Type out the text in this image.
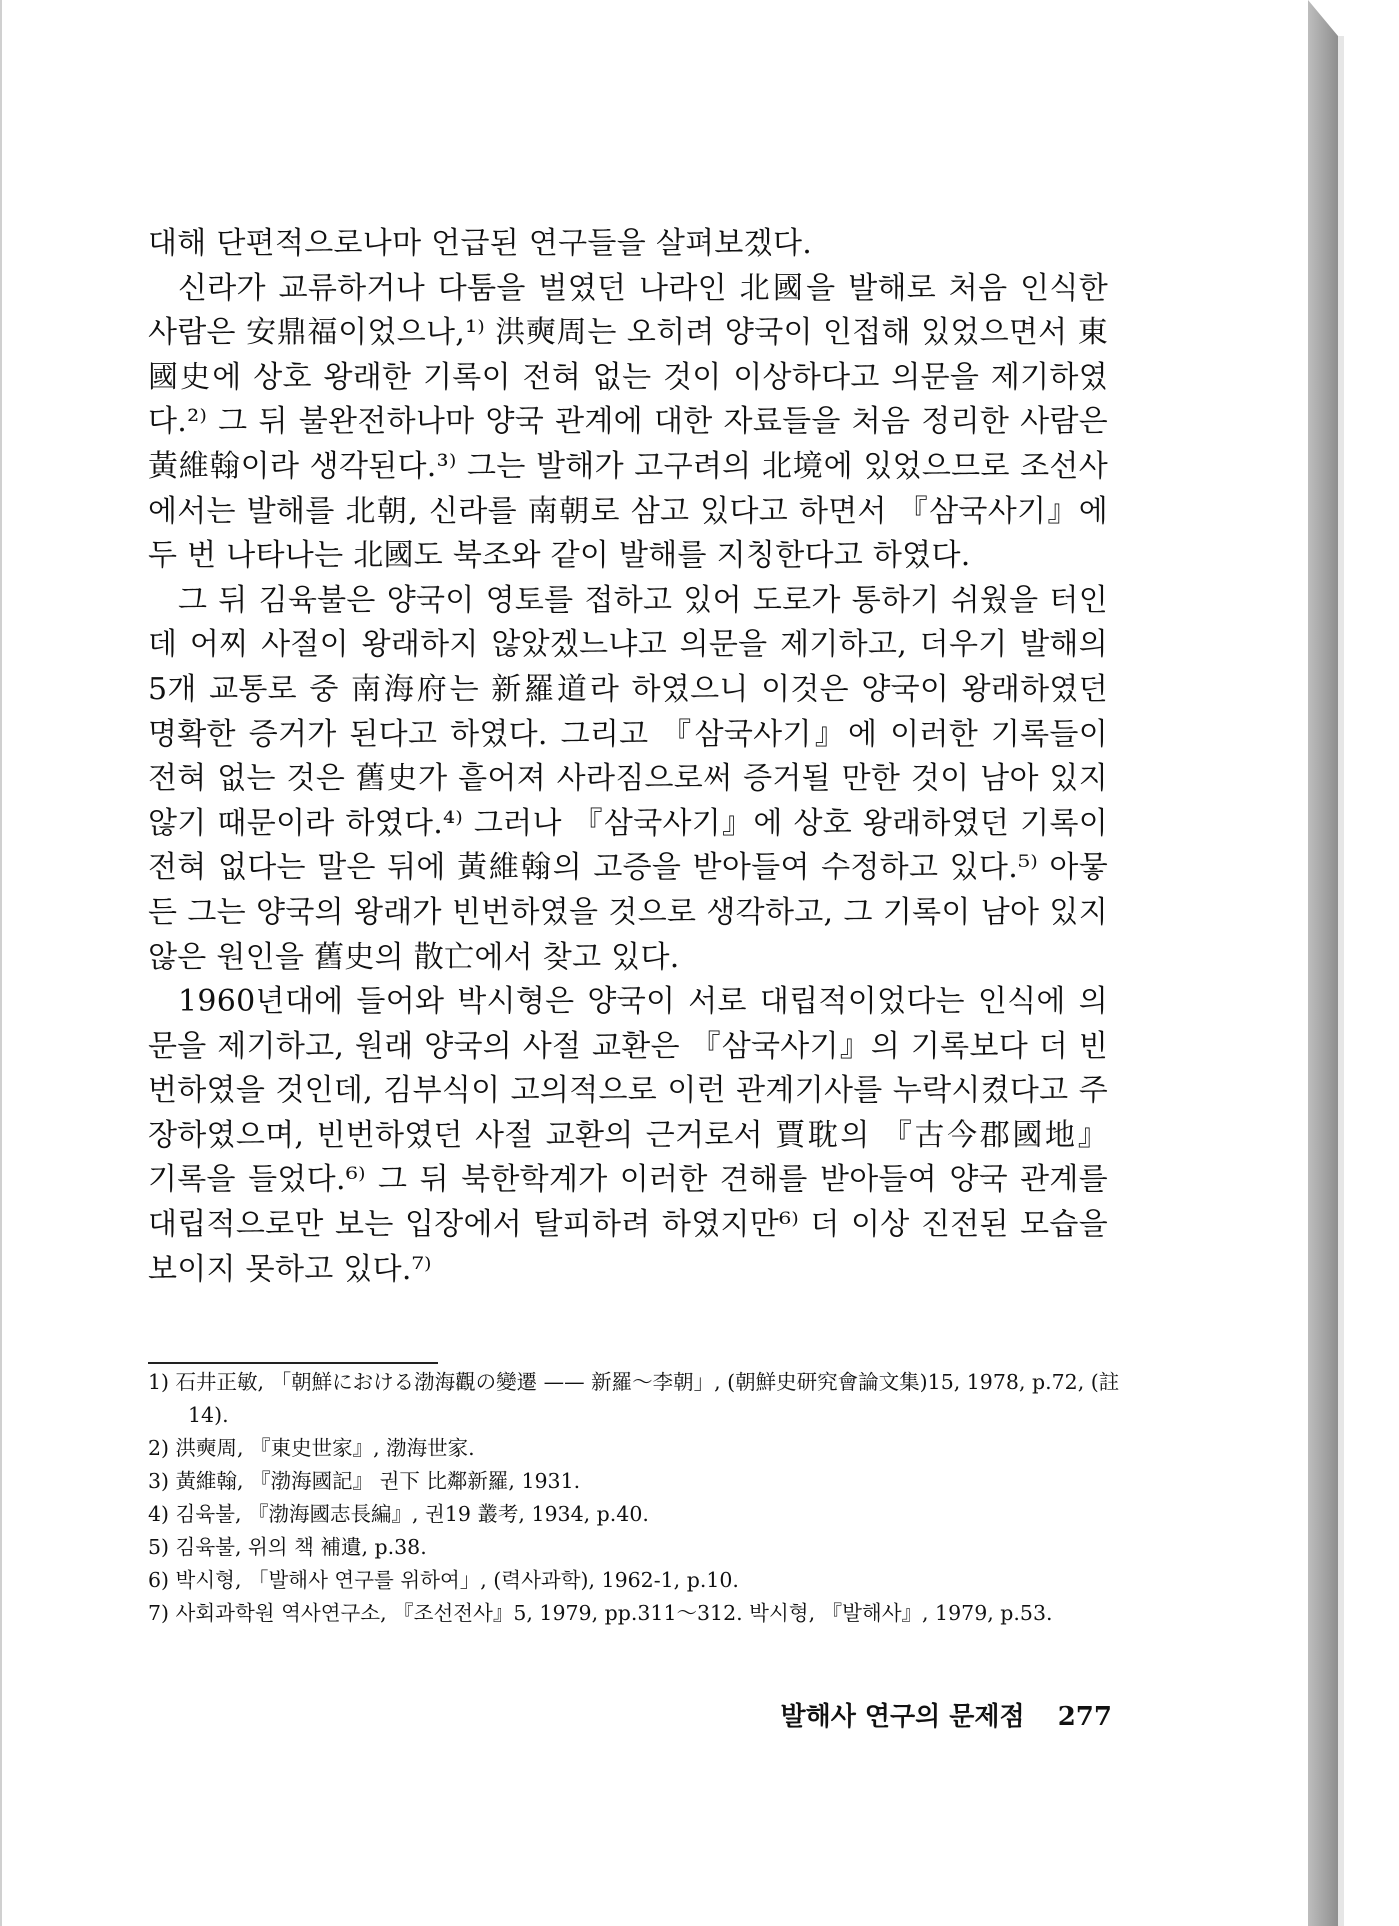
대해 단편적으로나마 언급된 연구들을 살펴보겠다.

신라가 교류하거나 다툼을 벌였던 나라인 北國을 발해로 처음 인식한 사람은 安鼎福이었으나,¹⁾ 洪奭周는 오히려 양국이 인접해 있었으면서 東國史에 상호 왕래한 기록이 전혀 없는 것이 이상하다고 의문을 제기하였다.²⁾ 그 뒤 불완전하나마 양국 관계에 대한 자료들을 처음 정리한 사람은 黃維翰이라 생각된다.³⁾ 그는 발해가 고구려의 北境에 있었으므로 조선사에서는 발해를 北朝, 신라를 南朝로 삼고 있다고 하면서 『삼국사기』에 두 번 나타나는 北國도 북조와 같이 발해를 지칭한다고 하였다.

그 뒤 김육불은 양국이 영토를 접하고 있어 도로가 통하기 쉬웠을 터인데 어찌 사절이 왕래하지 않았겠느냐고 의문을 제기하고, 더우기 발해의 5개 교통로 중 南海府는 新羅道라 하였으니 이것은 양국이 왕래하였던 명확한 증거가 된다고 하였다. 그리고 『삼국사기』에 이러한 기록들이 전혀 없는 것은 舊史가 흩어져 사라짐으로써 증거될 만한 것이 남아 있지 않기 때문이라 하였다.⁴⁾ 그러나 『삼국사기』에 상호 왕래하였던 기록이 전혀 없다는 말은 뒤에 黃維翰의 고증을 받아들여 수정하고 있다.⁵⁾ 아뭏든 그는 양국의 왕래가 빈번하였을 것으로 생각하고, 그 기록이 남아 있지 않은 원인을 舊史의 散亡에서 찾고 있다.

1960년대에 들어와 박시형은 양국이 서로 대립적이었다는 인식에 의문을 제기하고, 원래 양국의 사절 교환은 『삼국사기』의 기록보다 더 빈번하였을 것인데, 김부식이 고의적으로 이런 관계기사를 누락시켰다고 주장하였으며, 빈번하였던 사절 교환의 근거로서 賈耽의 『古今郡國地』 기록을 들었다.⁶⁾ 그 뒤 북한학계가 이러한 견해를 받아들여 양국 관계를 대립적으로만 보는 입장에서 탈피하려 하였지만⁶⁾ 더 이상 진전된 모습을 보이지 못하고 있다.⁷⁾

1) 石井正敏, 「朝鮮における渤海觀の變遷 —— 新羅～李朝」, (朝鮮史研究會論文集)15, 1978, p.72, (註14).
2) 洪奭周, 『東史世家』, 渤海世家.
3) 黃維翰, 『渤海國記』 권下 比鄰新羅, 1931.
4) 김육불, 『渤海國志長編』, 권19 叢考, 1934, p.40.
5) 김육불, 위의 책 補遺, p.38.
6) 박시형, 「발해사 연구를 위하여」, (력사과학), 1962-1, p.10.
7) 사회과학원 역사연구소, 『조선전사』5, 1979, pp.311～312. 박시형, 『발해사』, 1979, p.53.
발해사 연구의 문제점 277
